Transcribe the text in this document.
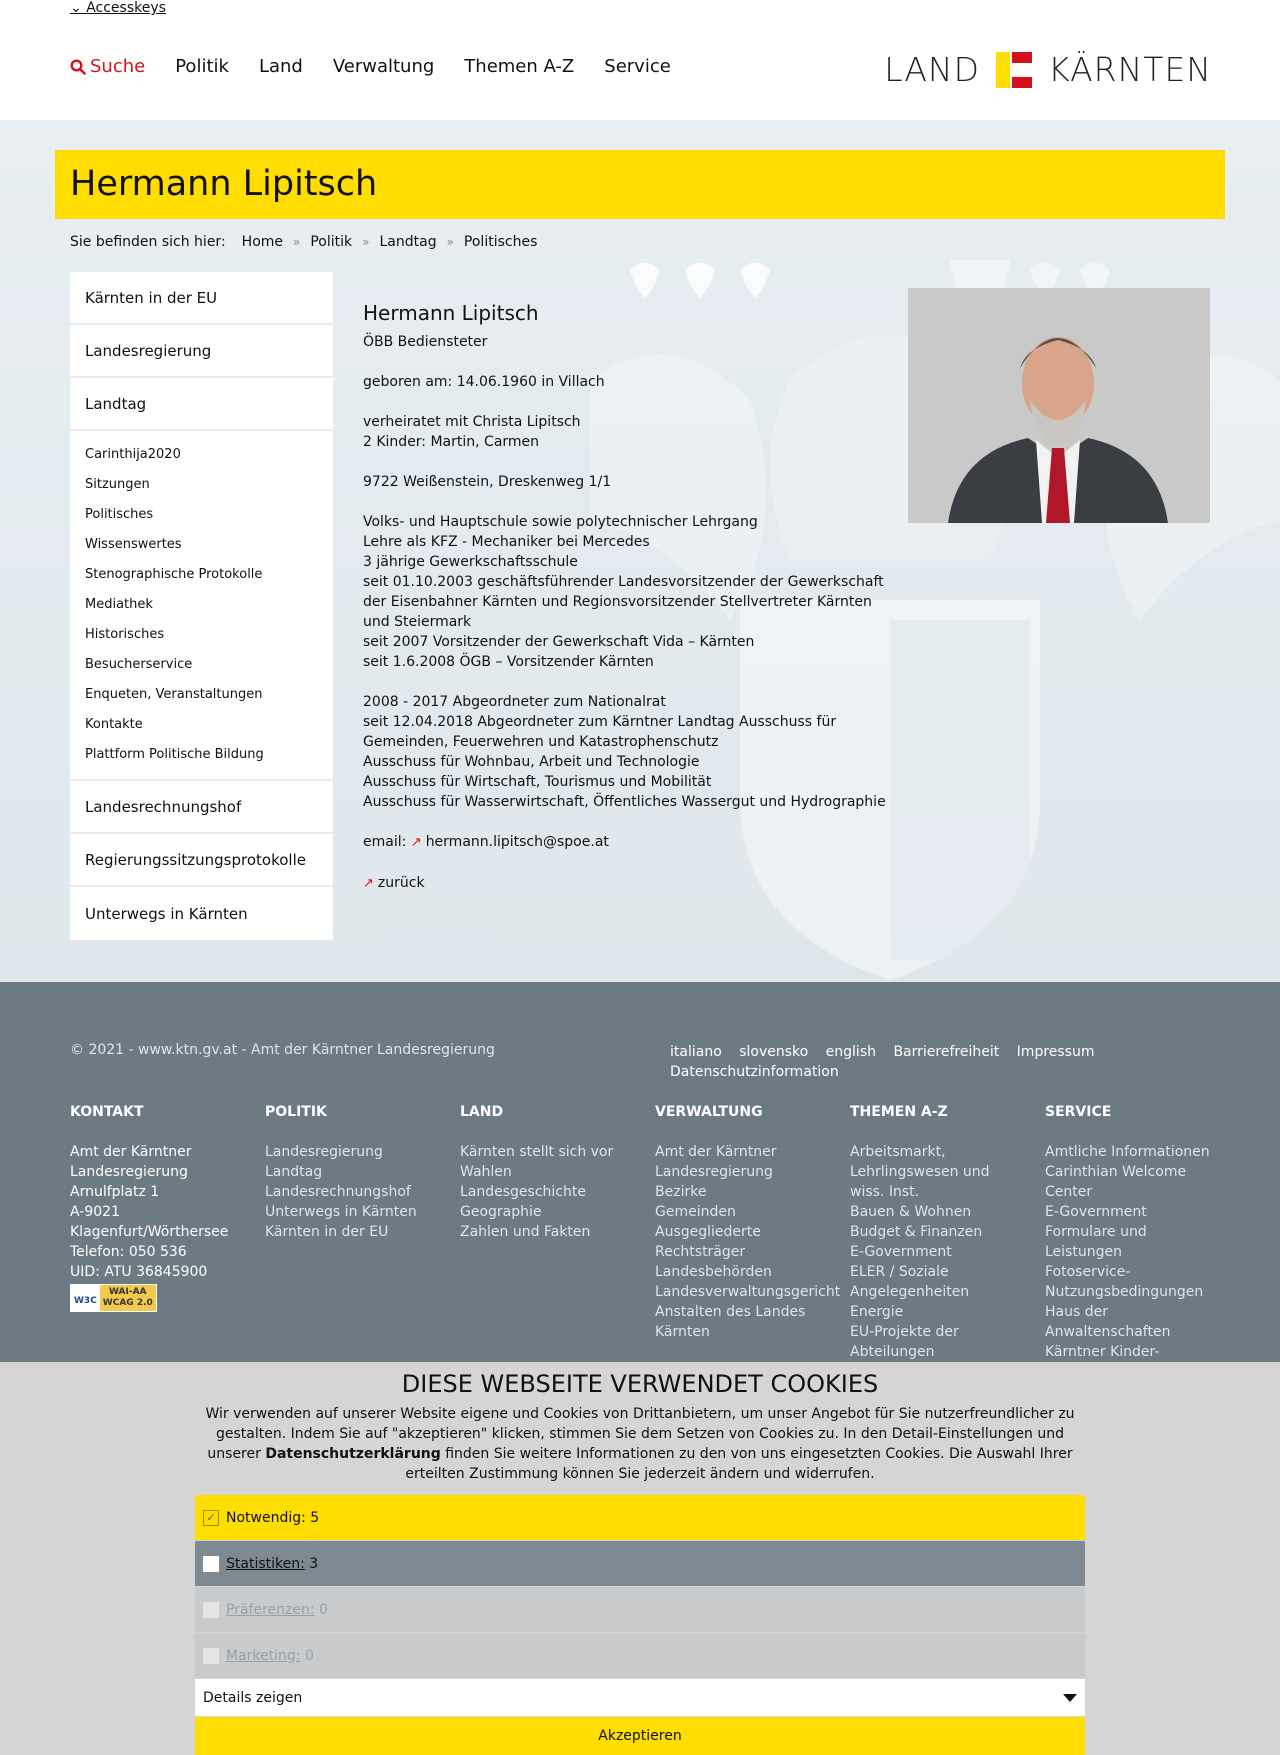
⌄ Accesskeys
Suche Politik Land Verwaltung Themen A-Z Service	LAND KÄRNTEN
Hermann Lipitsch
Sie befinden sich hier: Home » Politik » Landtag » Politisches
Kärnten in der EU
Landesregierung
Landtag
Carinthija2020
Sitzungen
Politisches
Wissenswertes
Stenographische Protokolle
Mediathek
Historisches
Besucherservice
Enqueten, Veranstaltungen
Kontakte
Plattform Politische Bildung
Landesrechnungshof
Regierungssitzungsprotokolle
Unterwegs in Kärnten
Hermann Lipitsch
ÖBB Bediensteter
geboren am: 14.06.1960 in Villach
verheiratet mit Christa Lipitsch
2 Kinder: Martin, Carmen
9722 Weißenstein, Dreskenweg 1/1
Volks- und Hauptschule sowie polytechnischer Lehrgang
Lehre als KFZ - Mechaniker bei Mercedes
3 jährige Gewerkschaftsschule
seit 01.10.2003 geschäftsführender Landesvorsitzender der Gewerkschaft der Eisenbahner Kärnten und Regionsvorsitzender Stellvertreter Kärnten und Steiermark
seit 2007 Vorsitzender der Gewerkschaft Vida – Kärnten
seit 1.6.2008 ÖGB – Vorsitzender Kärnten
2008 - 2017 Abgeordneter zum Nationalrat
seit 12.04.2018 Abgeordneter zum Kärntner Landtag Ausschuss für Gemeinden, Feuerwehren und Katastrophenschutz
Ausschuss für Wohnbau, Arbeit und Technologie
Ausschuss für Wirtschaft, Tourismus und Mobilität
Ausschuss für Wasserwirtschaft, Öffentliches Wassergut und Hydrographie
email: ↗ hermann.lipitsch@spoe.at
↗ zurück
© 2021 - www.ktn.gv.at - Amt der Kärntner Landesregierung	italiano slovensko english Barrierefreiheit Impressum Datenschutzinformation
KONTAKT
Amt der Kärntner
Landesregierung
Arnulfplatz 1
A-9021
Klagenfurt/Wörthersee
Telefon: 050 536
UID: ATU 36845900
W3C
WAI-AA
WCAG 2.0
POLITIK
Landesregierung
Landtag
Landesrechnungshof
Unterwegs in Kärnten
Kärnten in der EU
LAND
Kärnten stellt sich vor
Wahlen
Landesgeschichte
Geographie
Zahlen und Fakten
VERWALTUNG
Amt der Kärntner
Landesregierung
Bezirke
Gemeinden
Ausgegliederte
Rechtsträger
Landesbehörden
Landesverwaltungsgericht
Anstalten des Landes
Kärnten
THEMEN A-Z
Arbeitsmarkt,
Lehrlingswesen und
wiss. Inst.
Bauen & Wohnen
Budget & Finanzen
E-Government
ELER / Soziale
Angelegenheiten
Energie
EU-Projekte der
Abteilungen
SERVICE
Amtliche Informationen
Carinthian Welcome
Center
E-Government
Formulare und
Leistungen
Fotoservice-
Nutzungsbedingungen
Haus der
Anwaltenschaften
Kärntner Kinder-
DIESE WEBSEITE VERWENDET COOKIES

Wir verwenden auf unserer Website eigene und Cookies von Drittanbietern, um unser Angebot für Sie nutzerfreundlicher zu gestalten. Indem Sie auf "akzeptieren" klicken, stimmen Sie dem Setzen von Cookies zu. In den Detail-Einstellungen und unserer Datenschutzerklärung finden Sie weitere Informationen zu den von uns eingesetzten Cookies. Die Auswahl Ihrer erteilten Zustimmung können Sie jederzeit ändern und widerrufen.

✓ Notwendig:
5
Statistiken:
3
Präferenzen:
0
Marketing:
0
Details zeigen
Akzeptieren
